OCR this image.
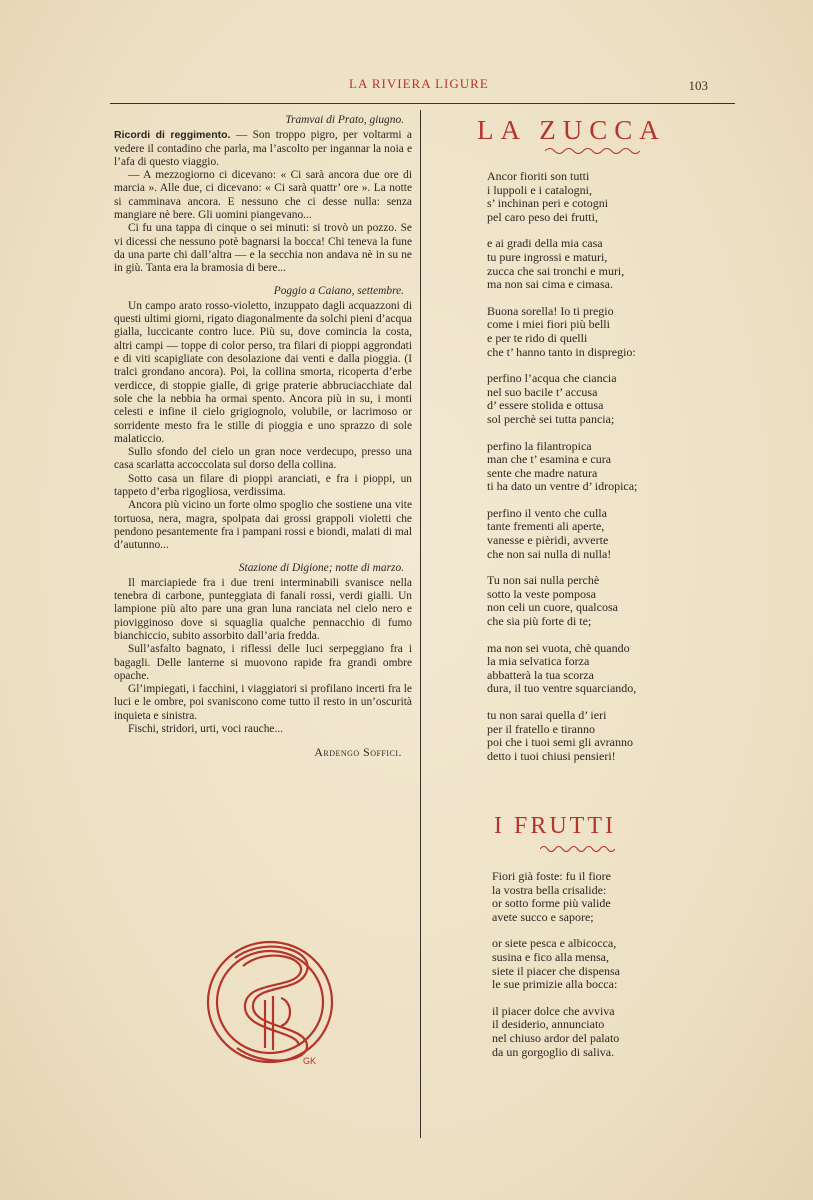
LA RIVIERA LIGURE	103
Tramvai di Prato, giugno.

Ricordi di reggimento. — Son troppo pigro, per voltarmi a vedere il contadino che parla, ma l’ascolto per ingannar la noia e l’afa di questo viaggio.

— A mezzogiorno ci dicevano: « Ci sarà ancora due ore di marcia ». Alle due, ci dicevano: « Ci sarà quattr’ ore ». La notte si camminava ancora. E nessuno che ci desse nulla: senza mangiare nè bere. Gli uomini piangevano...

Ci fu una tappa di cinque o sei minuti: si trovò un pozzo. Se vi dicessi che nessuno potè bagnarsi la bocca! Chi teneva la fune da una parte chi dall’altra — e la secchia non andava nè in su ne in giù. Tanta era la bramosia di bere...

Poggio a Caiano, settembre.

Un campo arato rosso-violetto, inzuppato dagli acquazzoni di questi ultimi giorni, rigato diagonalmente da solchi pieni d’acqua gialla, luccicante contro luce. Più su, dove comincia la costa, altri campi — toppe di color perso, tra filari di pioppi aggrondati e di viti scapigliate con desolazione dai venti e dalla pioggia. (I tralci grondano ancora). Poi, la collina smorta, ricoperta d’erbe verdicce, di stoppie gialle, di grige praterie abbruciacchiate dal sole che la nebbia ha ormai spento. Ancora più in su, i monti celesti e infine il cielo grigiognolo, volubile, or lacrimoso or sorridente mesto fra le stille di pioggia e uno sprazzo di sole malaticcio.

Sullo sfondo del cielo un gran noce verdecupo, presso una casa scarlatta accoccolata sul dorso della collina.

Sotto casa un filare di pioppi aranciati, e fra i pioppi, un tappeto d’erba rigogliosa, verdissima.

Ancora più vicino un forte olmo spoglio che sostiene una vite tortuosa, nera, magra, spolpata dai grossi grappoli violetti che pendono pesantemente fra i pampani rossi e biondi, malati di mal d’autunno...

Stazione di Digione; notte di marzo.

Il marciapiede fra i due treni interminabili svanisce nella tenebra di carbone, punteggiata di fanali rossi, verdi gialli. Un lampione più alto pare una gran luna ranciata nel cielo nero e piovigginoso dove si squaglia qualche pennacchio di fumo bianchiccio, subito assorbito dall’aria fredda.

Sull’asfalto bagnato, i riflessi delle luci serpeggiano fra i bagagli. Delle lanterne si muovono rapide fra grandi ombre opache.

Gl’impiegati, i facchini, i viaggiatori si profilano incerti fra le luci e le ombre, poi svaniscono come tutto il resto in un’oscurità inquieta e sinistra.

Fischi, stridori, urti, voci rauche...

Ardengo Soffici.
GK
LA ZUCCA
Ancor fioriti son tutti
i luppoli e i catalogni,
s’ inchinan peri e cotogni
pel caro peso dei frutti,
e ai gradi della mia casa
tu pure ingrossi e maturi,
zucca che sai tronchi e muri,
ma non sai cima e cimasa.
Buona sorella! Io ti pregio
come i miei fiori più belli
e per te rido di quelli
che t’ hanno tanto in dispregio:
perfino l’acqua che ciancia
nel suo bacile t’ accusa
d’ essere stolida e ottusa
sol perchè sei tutta pancia;
perfino la filantropica
man che t’ esamina e cura
sente che madre natura
ti ha dato un ventre d’ idropica;
perfino il vento che culla
tante frementi ali aperte,
vanesse e pièridi, avverte
che non sai nulla di nulla!
Tu non sai nulla perchè
sotto la veste pomposa
non celi un cuore, qualcosa
che sia più forte di te;
ma non sei vuota, chè quando
la mia selvatica forza
abbatterà la tua scorza
dura, il tuo ventre squarciando,
tu non sarai quella d’ ieri
per il fratello e tiranno
poi che i tuoi semi gli avranno
detto i tuoi chiusi pensieri!
I FRUTTI
Fiori già foste: fu il fiore
la vostra bella crisalide:
or sotto forme più valide
avete succo e sapore;
or siete pesca e albicocca,
susina e fico alla mensa,
siete il piacer che dispensa
le sue primizie alla bocca:
il piacer dolce che avviva
il desiderio, annunciato
nel chiuso ardor del palato
da un gorgoglio di saliva.
